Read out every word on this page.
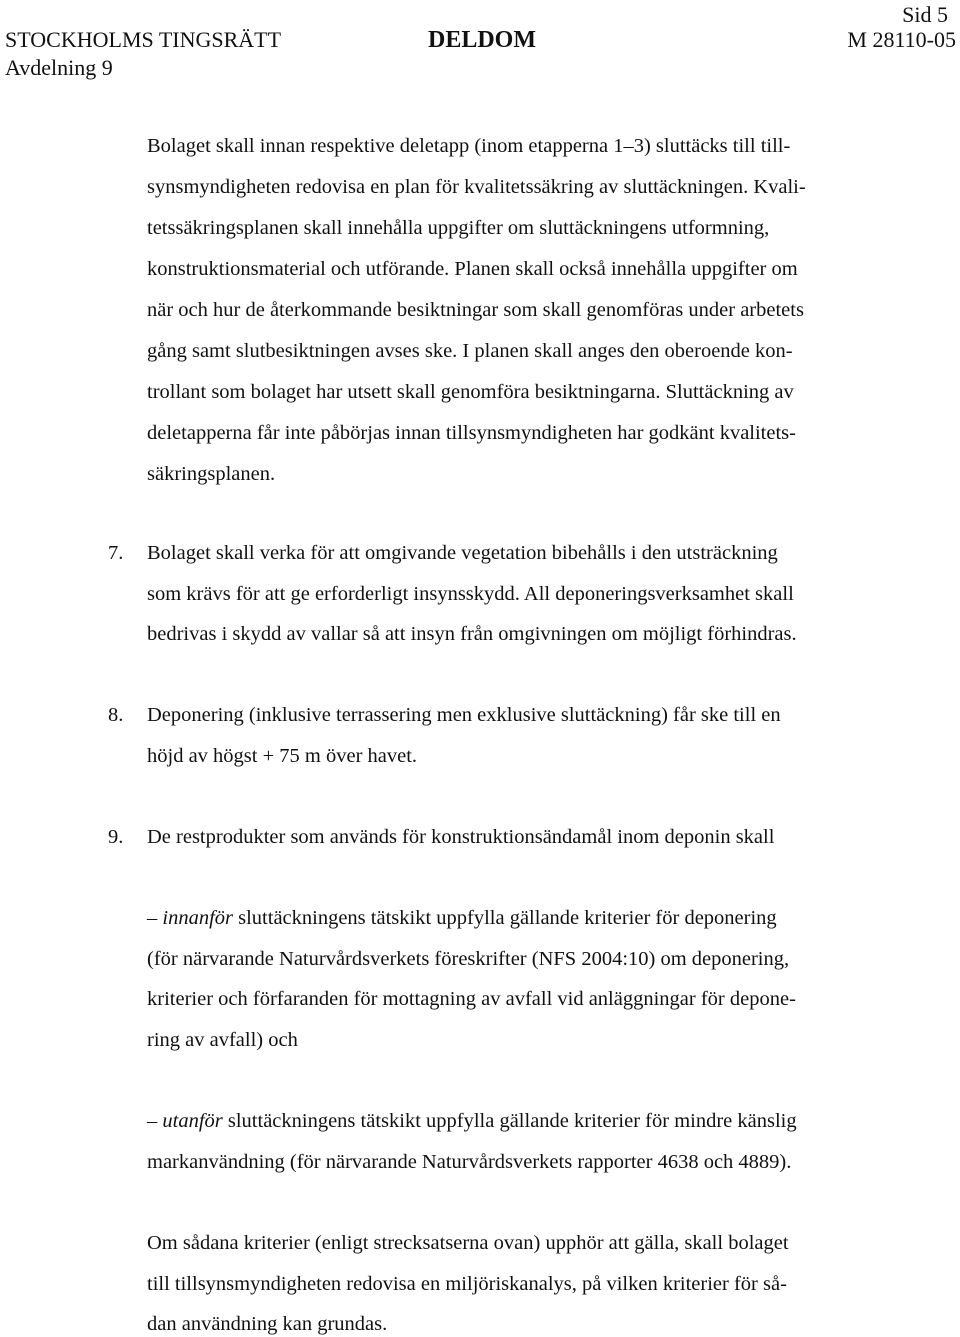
Sid 5
STOCKHOLMS TINGSRÄTT	DELDOM	M 28110-05
Avdelning 9
Bolaget skall innan respektive deletapp (inom etapperna 1–3) sluttäcks till till-
synsmyndigheten redovisa en plan för kvalitetssäkring av sluttäckningen. Kvali-
tetssäkringsplanen skall innehålla uppgifter om sluttäckningens utformning,
konstruktionsmaterial och utförande. Planen skall också innehålla uppgifter om
när och hur de återkommande besiktningar som skall genomföras under arbetets
gång samt slutbesiktningen avses ske. I planen skall anges den oberoende kon-
trollant som bolaget har utsett skall genomföra besiktningarna. Sluttäckning av
deletapperna får inte påbörjas innan tillsynsmyndigheten har godkänt kvalitets-
säkringsplanen.
7. Bolaget skall verka för att omgivande vegetation bibehålls i den utsträckning
som krävs för att ge erforderligt insynsskydd. All deponeringsverksamhet skall
bedrivas i skydd av vallar så att insyn från omgivningen om möjligt förhindras.
8. Deponering (inklusive terrassering men exklusive sluttäckning) får ske till en
höjd av högst + 75 m över havet.
9. De restprodukter som används för konstruktionsändamål inom deponin skall
– innanför sluttäckningens tätskikt uppfylla gällande kriterier för deponering
(för närvarande Naturvårdsverkets föreskrifter (NFS 2004:10) om deponering,
kriterier och förfaranden för mottagning av avfall vid anläggningar för depone-
ring av avfall) och
– utanför sluttäckningens tätskikt uppfylla gällande kriterier för mindre känslig
markanvändning (för närvarande Naturvårdsverkets rapporter 4638 och 4889).
Om sådana kriterier (enligt strecksatserna ovan) upphör att gälla, skall bolaget
till tillsynsmyndigheten redovisa en miljöriskanalys, på vilken kriterier för så-
dan användning kan grundas.
